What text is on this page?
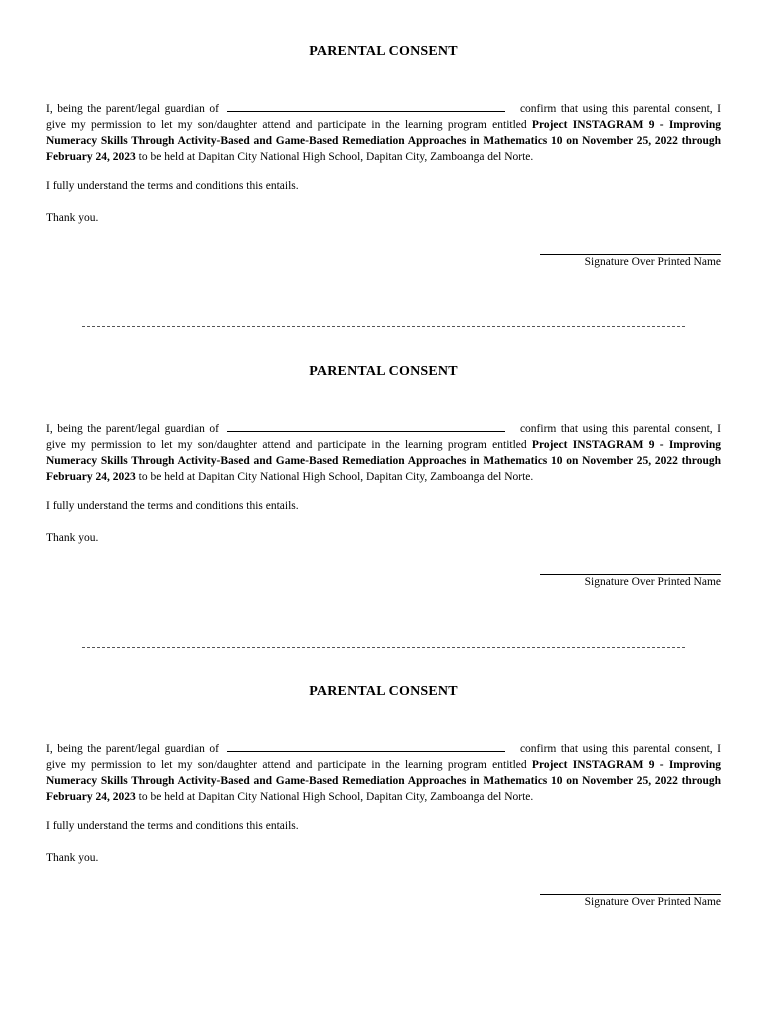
PARENTAL CONSENT

I, being the parent/legal guardian of	confirm that using this parental consent, I give my permission to let my son/daughter attend and participate in the learning program entitled Project INSTAGRAM 9 - Improving Numeracy Skills Through Activity-Based and Game-Based Remediation Approaches in Mathematics 10 on November 25, 2022 through February 24, 2023 to be held at Dapitan City National High School, Dapitan City, Zamboanga del Norte.

I fully understand the terms and conditions this entails.

Thank you.

Signature Over Printed Name
PARENTAL CONSENT

I, being the parent/legal guardian of	confirm that using this parental consent, I give my permission to let my son/daughter attend and participate in the learning program entitled Project INSTAGRAM 9 - Improving Numeracy Skills Through Activity-Based and Game-Based Remediation Approaches in Mathematics 10 on November 25, 2022 through February 24, 2023 to be held at Dapitan City National High School, Dapitan City, Zamboanga del Norte.

I fully understand the terms and conditions this entails.

Thank you.

Signature Over Printed Name
PARENTAL CONSENT

I, being the parent/legal guardian of	confirm that using this parental consent, I give my permission to let my son/daughter attend and participate in the learning program entitled Project INSTAGRAM 9 - Improving Numeracy Skills Through Activity-Based and Game-Based Remediation Approaches in Mathematics 10 on November 25, 2022 through February 24, 2023 to be held at Dapitan City National High School, Dapitan City, Zamboanga del Norte.

I fully understand the terms and conditions this entails.

Thank you.

Signature Over Printed Name
